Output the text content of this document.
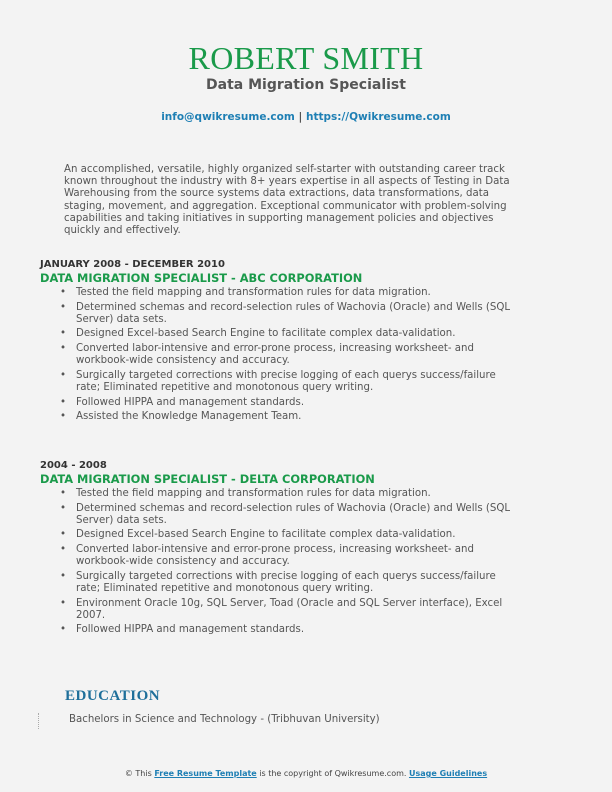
ROBERT SMITH
Data Migration Specialist
info@qwikresume.com | https://Qwikresume.com
An accomplished, versatile, highly organized self-starter with outstanding career track known throughout the industry with 8+ years expertise in all aspects of Testing in Data Warehousing from the source systems data extractions, data transformations, data staging, movement, and aggregation. Exceptional communicator with problem-solving capabilities and taking initiatives in supporting management policies and objectives quickly and effectively.
JANUARY 2008 - DECEMBER 2010
DATA MIGRATION SPECIALIST - ABC CORPORATION
• Tested the field mapping and transformation rules for data migration.
• Determined schemas and record-selection rules of Wachovia (Oracle) and Wells (SQL Server) data sets.
• Designed Excel-based Search Engine to facilitate complex data-validation.
• Converted labor-intensive and error-prone process, increasing worksheet- and workbook-wide consistency and accuracy.
• Surgically targeted corrections with precise logging of each querys success/failure rate; Eliminated repetitive and monotonous query writing.
• Followed HIPPA and management standards.
• Assisted the Knowledge Management Team.
2004 - 2008
DATA MIGRATION SPECIALIST - DELTA CORPORATION
• Tested the field mapping and transformation rules for data migration.
• Determined schemas and record-selection rules of Wachovia (Oracle) and Wells (SQL Server) data sets.
• Designed Excel-based Search Engine to facilitate complex data-validation.
• Converted labor-intensive and error-prone process, increasing worksheet- and workbook-wide consistency and accuracy.
• Surgically targeted corrections with precise logging of each querys success/failure rate; Eliminated repetitive and monotonous query writing.
• Environment Oracle 10g, SQL Server, Toad (Oracle and SQL Server interface), Excel 2007.
• Followed HIPPA and management standards.
EDUCATION
Bachelors in Science and Technology - (Tribhuvan University)
© This Free Resume Template is the copyright of Qwikresume.com. Usage Guidelines
